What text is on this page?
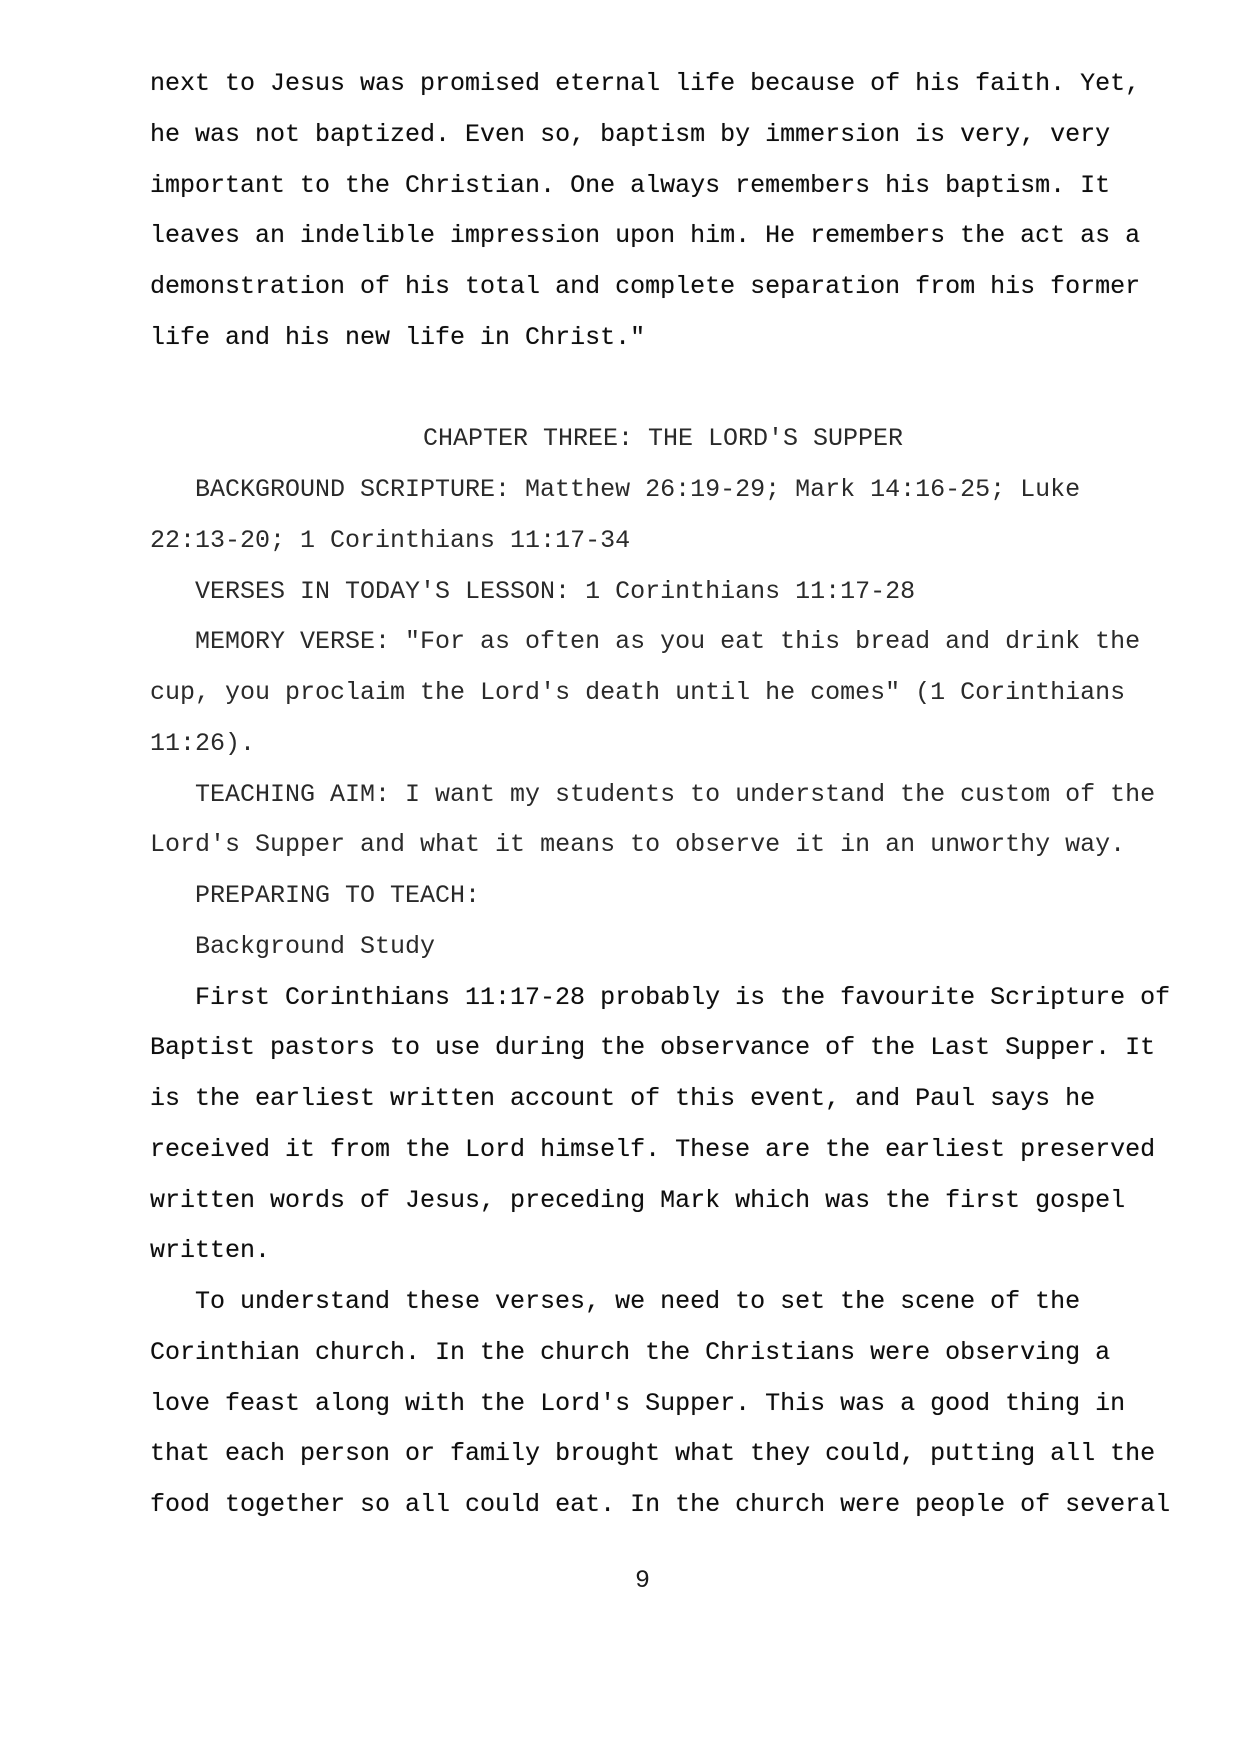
next to Jesus was promised eternal life because of his faith. Yet,
he was not baptized. Even so, baptism by immersion is very, very
important to the Christian. One always remembers his baptism. It
leaves an indelible impression upon him. He remembers the act as a
demonstration of his total and complete separation from his former
life and his new life in Christ."
CHAPTER THREE: THE LORD'S SUPPER
BACKGROUND SCRIPTURE: Matthew 26:19-29; Mark 14:16-25; Luke
22:13-20; 1 Corinthians 11:17-34
VERSES IN TODAY'S LESSON: 1 Corinthians 11:17-28
MEMORY VERSE: "For as often as you eat this bread and drink the
cup, you proclaim the Lord's death until he comes" (1 Corinthians
11:26).
TEACHING AIM: I want my students to understand the custom of the
Lord's Supper and what it means to observe it in an unworthy way.
PREPARING TO TEACH:
Background Study
First Corinthians 11:17-28 probably is the favourite Scripture of
Baptist pastors to use during the observance of the Last Supper. It
is the earliest written account of this event, and Paul says he
received it from the Lord himself. These are the earliest preserved
written words of Jesus, preceding Mark which was the first gospel
written.
To understand these verses, we need to set the scene of the
Corinthian church. In the church the Christians were observing a
love feast along with the Lord's Supper. This was a good thing in
that each person or family brought what they could, putting all the
food together so all could eat. In the church were people of several
9
